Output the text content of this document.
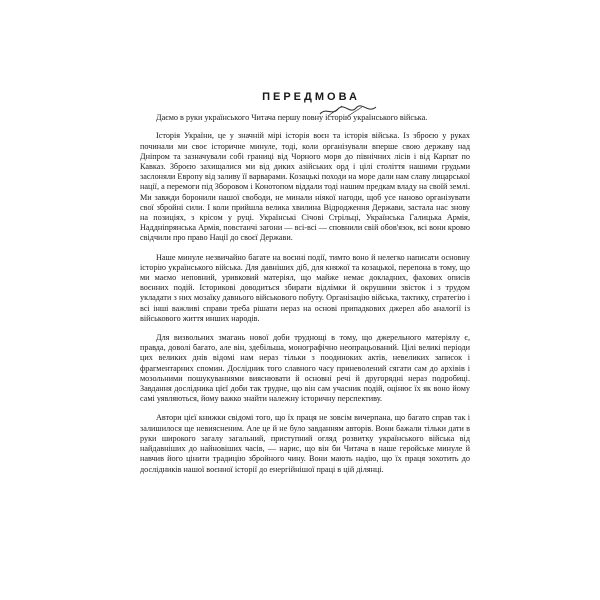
ПЕРЕДМОВА

Даємо в руки українського Читача першу повну історію українського війська.

Історія України, це у значній мірі історія воєн та історія війська. Із зброєю у руках починали ми своє історичне минуле, тоді, коли організували вперше свою державу над Дніпром та зазначували собі границі від Чорного моря до північних лісів і від Карпат по Кавказ. Зброєю захищалися ми від диких азійських орд і цілі століття нашими грудьми заслоняли Европу від заливу її варварами. Козацькі походи на море дали нам славу лицарської нації, а перемоги під Зборовом і Конотопом віддали тоді нашим предкам владу на своїй землі. Ми завжди боронили нашої свободи, не минали ніякої нагоди, щоб усе наново організувати свої збройні сили. І коли прийшла велика хвилина Відродження Держави, застала нас знову на позиціях, з крісом у руці. Українські Січові Стрільці, Українська Галицька Армія, Наддніпрянська Армія, повстанчі загони — всі-всі — сповнили свій обов'язок, всі вони кровю свідчили про право Нації до своєї Держави.

Наше минуле незвичайно багате на воєнні події, тимто воно й нелегко написати основну історію українського війська. Для давніших діб, для княжої та козацької, перепона в тому, що ми маємо неповний, уривковий матеріял, що майже немає докладних, фахових описів воєнних подій. Історикові доводиться збирати відлімки й окрушини звісток і з трудом укладати з них мозаїку давнього військового побуту. Організацію війська, тактику, стратегію і всі інші важливі справи треба рішати нераз на основі припадкових джерел або аналогії із військового життя инших народів.

Для визвольних змагань нової доби труднощі в тому, що джерельного матеріялу є, правда, доволі багато, але він, здебільша, монографічно неопрацьований. Цілі великі періоди цих великих днів відомі нам нераз тільки з поодиноких актів, невеликих записок і фрагментарних спомин. Дослідник того славного часу приневолений сягати сам до архівів і мозольними пошукуваннями вияснювати й основні речі й другорядні нераз подробиці. Завдання дослідника цієї доби так трудне, що він сам учасник подій, оцінює їх як воно йому самі уявляються, йому важко знайти належну історичну перспективу.

Автори цієї книжки свідомі того, що їх праця не зовсім вичерпана, що багато справ так і залишилося ще невиясненим. Але це й не було завданням авторів. Вони бажали тільки дати в руки широкого загалу загальний, приступний огляд розвитку українського війська від найдавніших до найновіших часів, — нарис, що він би Читача в наше геройське минуле й навчив його цінити традицію збройного чину. Вони мають надію, що їх праця зохотить до дослідників нашої воєнної історії до енергійнішої праці в цій ділянці.
